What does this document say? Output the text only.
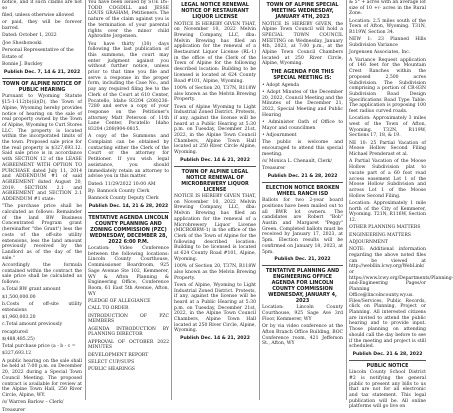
notice, and if such claims are not so

filed, unless otherwise allowed

or paid, they will be forever barred.

Dated: October 1, 2022

/Joe Shoshonoski

Personal Representative of the

Estate of

Bonnie J. Buckley

Publish Dec. 7, 14 & 21, 2022
TOWN OF ALPINE NOTICE OF PUBLIC HEARING

Pursuant to Wyoming Statute §15-1-112(b)(ii)(D), the Town of Alpine, Wyoming hereby provides notice of hearing on the sale of real property owned by the Town of Alpine, Wyoming to Curt Stores LLC. The property is located within the incorporated limits of the town. Proposed sale price for the real property is $327,693.12. Said sale price is in accordance with SECTION 12 of the LEASE AGREEMENT WITH OPTION TO PURCHASE dated July 11, 2014 and ADDENDUM #1 of said AGREEMENT dated August 20, 2019. SECTION 2.1 and AGREEMENT and SECTION 2.1 ADDENDUM #1 state:

"The purchase price shall be calculated as follows: Remainder of the land BW Business Concentrated Program grant (hereinafter "the Grant") less the costs of the off-site utility extensions, less the land amount previously received by the Landlord as of the day of the sale."

Accordingly the formula contained within the contract the sale price shall be calculated as follows:

a.Total BW grant amount

$1,500,000.00

b.Costs of off-site utility extensions

$1,960,003.20

c.Total amount previously

recaptured

$(488,485.25)

Total purchase price (a - b - c =

$327,693.12

A public hearing on the sale shall be held at 7:00 p.m. on December 20, 2022 during a Special Town Council Meeting. The proposed contract is available for review at the Alpine Town Hall, 250 River Circle, Alpine, WY.

/s/ Warren Barlow – Clerk/

Treasurer

You have been issued by SUE DS-TODD COGDILL and JESSE LOUIS GRAHAM, Petitioners. The nature of the claim against you is the termination of your parental rights over the minor child Aphrodite Jorgensen.

You have thirty (30) days following the last publication of this summons, the court may enter judgment against you without further notice, unless prior to that time you file and serve a response in the proper form, including the Case No., and pay any required filing fee to the Clerk of the Court at 610 Center, Pocatello, Idaho 83204 (208)236-7280 and serve a copy of your response on the Petitioner's attorney Matt Peterson of 11th Lane Center, Pocatello Idaho 83204 (208)904-0815.

A copy of the Summons and Complaint can be obtained by contacting either the Clerk of the Court or the attorney for Petitioner. If you wish legal assistance, you should immediately retain an attorney to advise you in this matter.

Dated: 11/29/2022 10:00 AM

By: Bannock County Clerk

Bannock County Deputy Clerk

Publish Dec. 14, 21 & 28, 2022
TENTATIVE AGENDA LINCOLN COUNTY PLANNING AND ZONING COMMISSION (PZC) WEDNESDAY, DECEMBER 28, 2022 6:00 P.M.

Location: Video Conference between the following locations: Lincoln County Courthouse, Commissioner Boardroom, 925 Sage Avenue Ste 102, Kemmerer, WY & Afton Planning & Engineering Office, Conference Room, 61 East 5th Avenue, Afton, WY

PLEDGE OF ALLEGIANCE

CALL TO ORDER

INTRODUCTION OF PZC MEMBERS

AGENDA INTRODUCTION BY PLANNING DIRECTOR

APPROVAL OF OCTOBER 2022 MINUTES

DEVELOPMENT REPORT

SELECT CUP/SUPS

PUBLIC HEARINGS

LEGAL NOTICE RENEWAL NOTICE OF RESTAURANT LIQUOR LICENSE

NOTICE IS HEREBY GIVEN THAT, on November 10, 2022 Melvin Brewing Company, LLC, dba: Melvin Brewing has filed an application for the renewal of a Restaurant Liquor License (RL-1) in the office of the Clerk of the Town of Alpine for the following described location: Building to be licensed is located at 624 County Road #101, Alpine, Wyoming.

100% of Section 20, T37N, R118W also known as the Melvin Brewing Property.

Town of Alpine Wyoming to Light Industrial Zoned District. Protests, if any, against the license will be heard at a Public Hearing at 5:30 p.m. on Tuesday, December 21st, 2022, in the Alpine Town Council Chambers, Alpine Town Hall located at 250 River Circle Alpine, Wyoming.

Publish Dec. 14 & 21, 2022
TOWN OF ALPINE LEGAL NOTICE RENEWAL OF MICROBREWERY LIQUOR LICENSE

NOTICE IS HEREBY GIVEN THAT, on November 10, 2022 Melvin Brewing Company, LLC, dba: Melvin Brewing has filed an application for the renewal of a Microbrewery Liquor License (MICROBRW-1) in the office of the Clerk of the Town of Alpine for the following described location: Building to be licensed is located at 624 County Road #101, Alpine, Wyoming.

100% of Section 20, T37N, R118W also known as the Melvin Brewing Property.

Town of Alpine, Wyoming to Light Industrial Zoned District. Protests, if any, against the license will be heard at a Public Hearing at 5:30 p.m. on Tuesday, December 21st, 2022, in the Alpine Town Council Chambers, Alpine Town Hall located at 250 River Circle, Alpine, Wyoming.

Publish Dec. 14 & 21, 2022
TOWN OF ALPINE SPECIAL MEETING WEDNESDAY, JANUARY 4TH, 2023

NOTICE IS HEREBY GIVEN, the Alpine Town Council will hold a SPECIAL TOWN COUNCIL MEETING on Wednesday, January 4th, 2023, at 7:00 p.m., at the Alpine Town Council Chambers located at 250 River Circle, Alpine, Wyoming.

THE AGENDA FOR THIS SPECIAL MEETING IS:

• Adopt Agenda

• Adopt Minutes of the December 20, 2022, Council Meeting and the Minutes of the December 21, 2022, Special Meeting and Public Hearing

• Administer Oath of Office to Mayor and councilmen

• Adjournment

The public is welcome and encouraged to attend this special meeting.

/s/ Monica L. Chenault, Clerk/

Treasurer

Publish Dec. 21 & 28, 2022
ELECTION NOTICE BROKEN WHEEL RANCH ISD

Ballots for two 2-year board positions have been mailed out to all BWR lot owners. The candidates are Robert "Bob" Austin and Margaret "Peggy" Green. Completed ballots must be received by January 17, 2023, at 5pm. Election results will be confirmed on January 18, 2023, at 5pm.

Publish Dec. 21, 2022
TENTATIVE PLANNING AND ENGINEERING OFFICE AGENDA FOR LINCOLN COUNTY COMMISSION WEDNESDAY, JANUARY 4, 2023

Location: Lincoln County Courthouse, 925 Sage Ave 3rd Floor, Kemmerer, WY

Or by via video conference at the Afton Branch Office Building, BOC Conference room, 421 Jefferson St., Afton, WY

& 5° + acres with an average lot size of 10 +/- acres in the Rural Zone.

Location: 2.5 miles south of the Town of Afton, Wyoming. T31N, R119W, Section 34.

NEW 1: 23 Planned Hills Subdivision Variance

Jorgensen Associates, Inc.

A Variance Request application of 146 feet for the Mountain Crest Ranches within the proposed 2,500 acres Subdivision. The Subdivision comprising a portion of CR-83N Subdivision Road Design Specifications Road Type Table. The application is proposing 100 feet radius curved roads.

Location: Approximately 3 miles west of the Town of Afton, Wyoming. T32N, R119W, Sections 17, 18, & 19.

NE 10: 25 Partial Vacation of Moose Hollow Second Filing Michael Prenderast et al.

A Partial Vacation of the Moose Hollow Subdivision plat to vacate part of a 60 foot road access easement Lot 1 of the Moose Hollow Subdivision and across Lot 1 of the Moose Hollow Second Filing.

Location: Approximately 1 mile north of the City of Kemmerer, Wyoming. T21N, R116W, Section 12.

OTHER PLANNING MATTERS

ENGINEERING MATTERS

ADJOURNMENT

NOTE: Additional information regarding the above noted files can be viewed at http://webllin.lcwy.org/WebLink/ or https://www.lcwy.org/Departments/Planning-and-Engineering Pages/or Planning Office@lincolncounty.wy.us. Files/Services, Public Records, click on Planning, Project or Planning. All interested citizens are invited to attend the public hearing and to provide input. Those planning on attending should call the day before to see if the meeting and project is still scheduled.

Publish Dec. 21 & 28, 2022
PUBLIC NOTICE

Lincoln County School District #2 is notifying the general public to present any bills to us that are not for all electronic and tax statement. This legal publication will be. All online platforms will go live on
